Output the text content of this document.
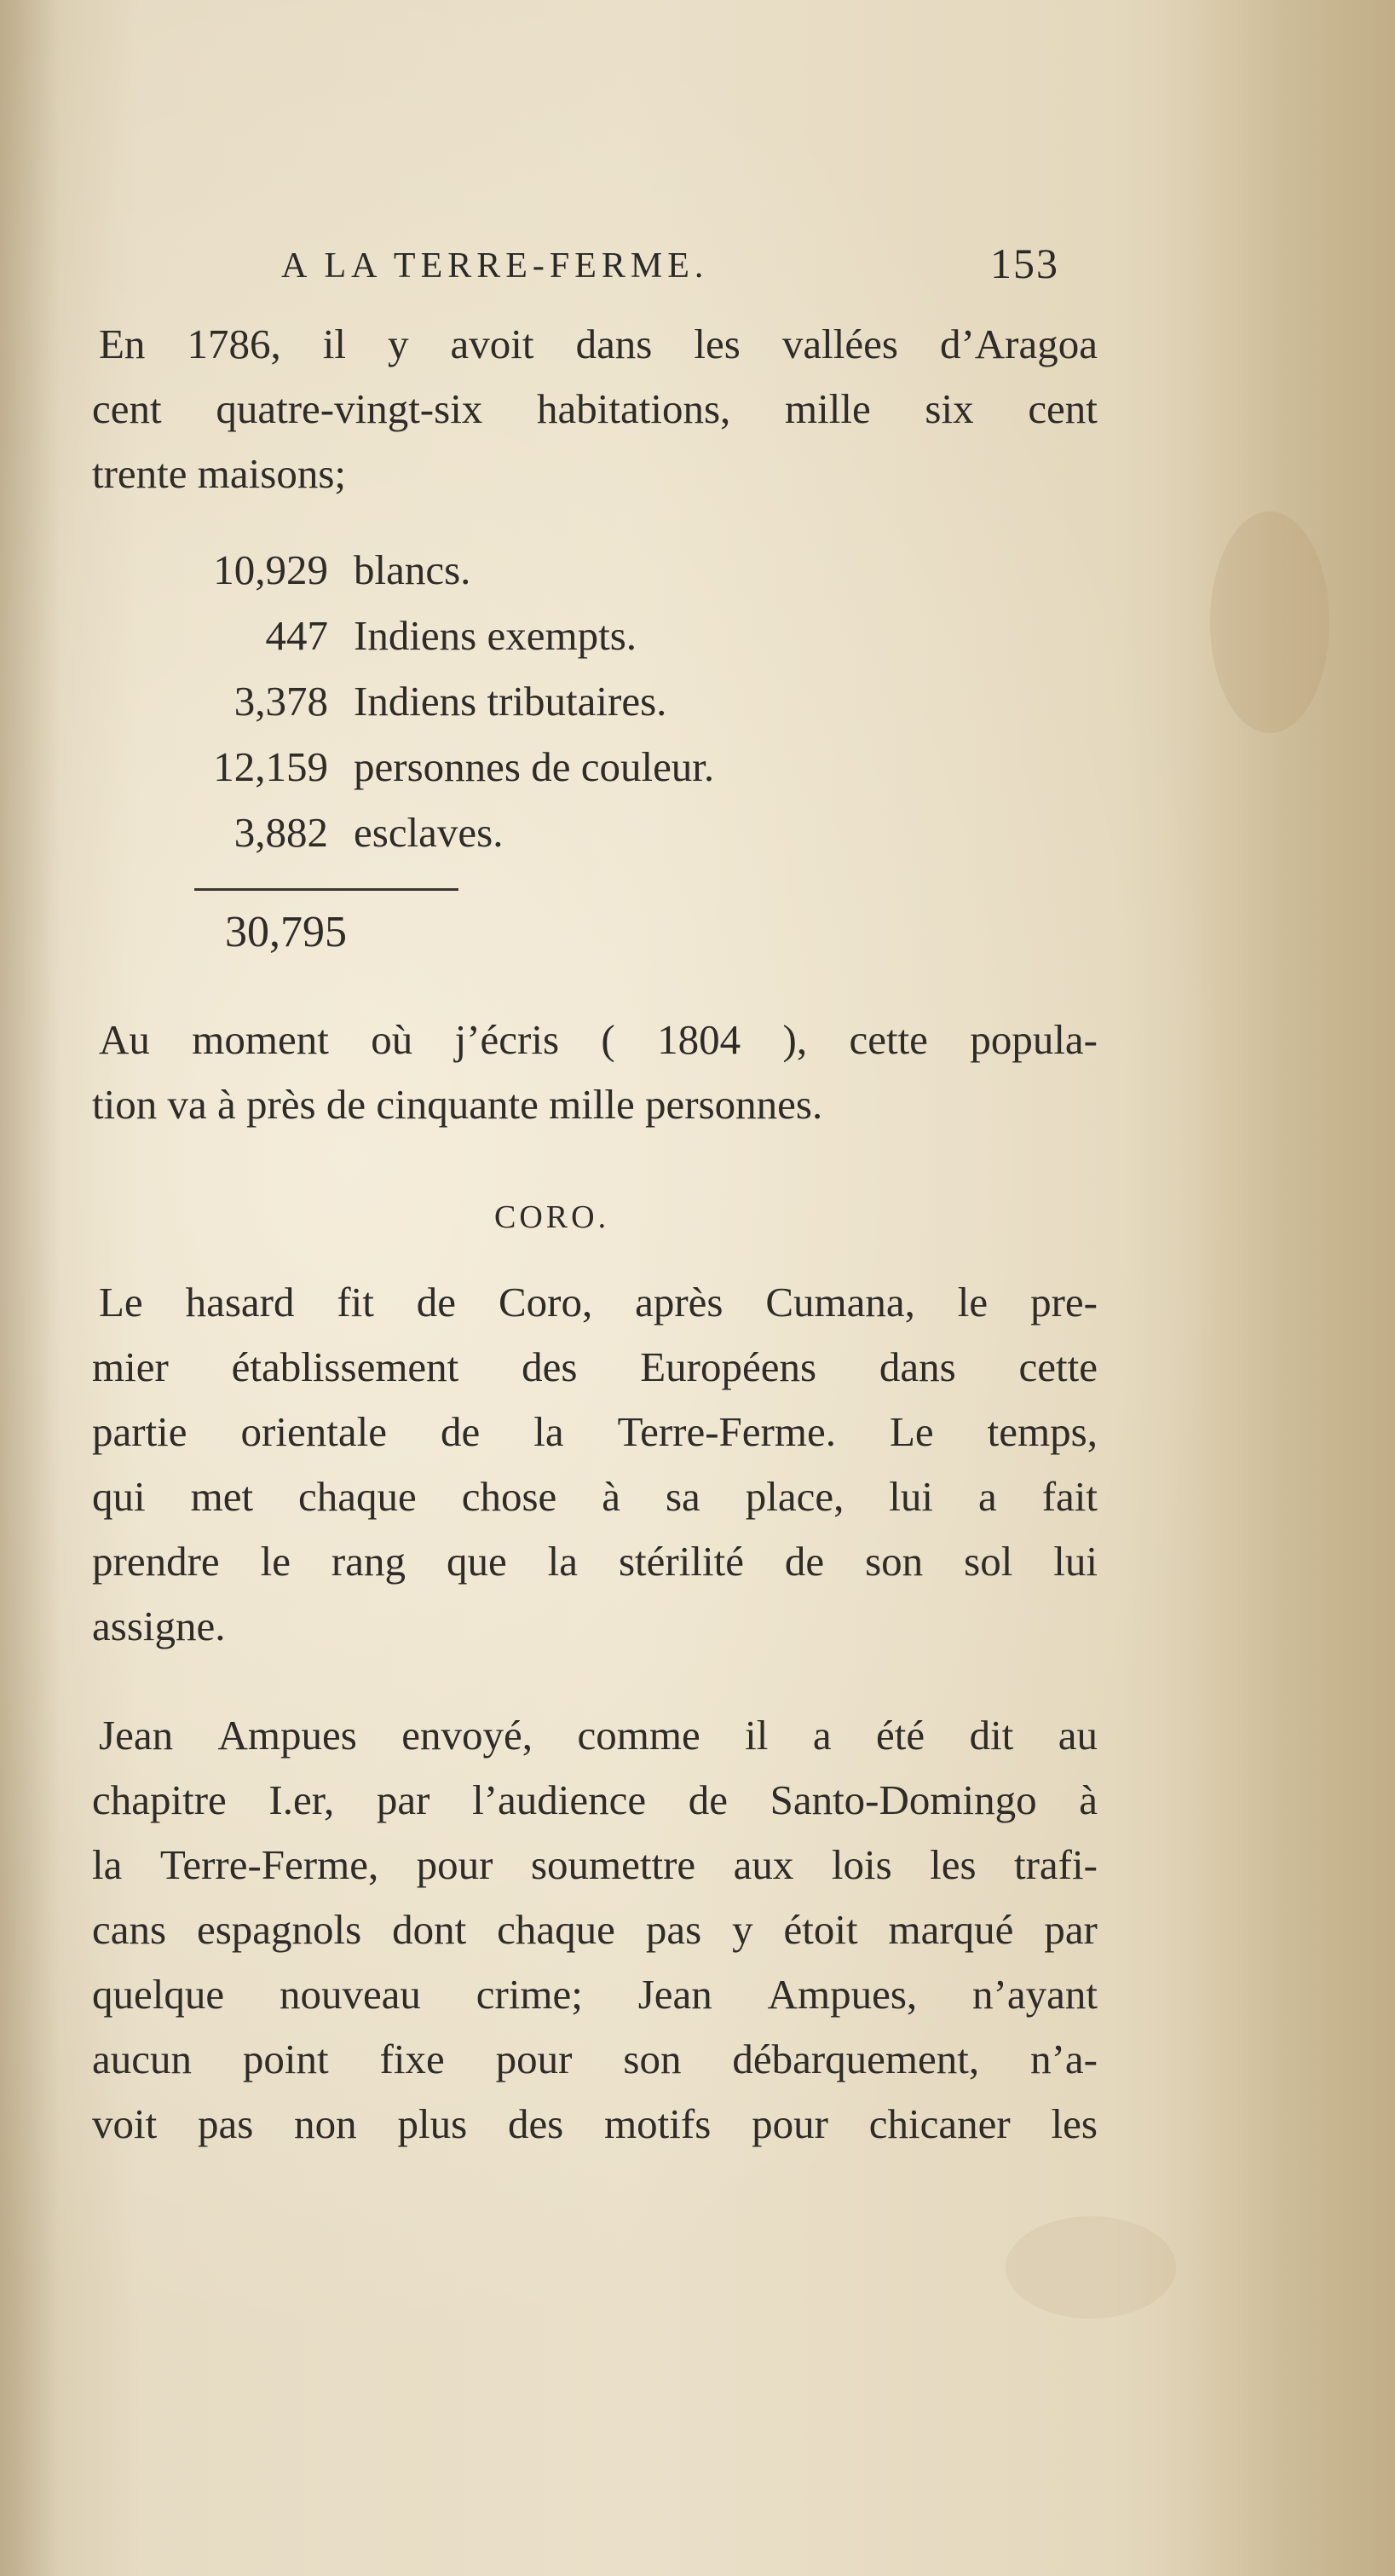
A LA TERRE-FERME.	153
En 1786, il y avoit dans les vallées d’Aragoa
cent quatre-vingt-six habitations, mille six cent
trente maisons;
10,929 blancs.
447 Indiens exempts.
3,378 Indiens tributaires.
12,159 personnes de couleur.
3,882 esclaves.
30,795
Au moment où j’écris ( 1804 ), cette popula-
tion va à près de cinquante mille personnes.
CORO.
Le hasard fit de Coro, après Cumana, le pre-
mier établissement des Européens dans cette
partie orientale de la Terre-Ferme. Le temps,
qui met chaque chose à sa place, lui a fait
prendre le rang que la stérilité de son sol lui
assigne.
Jean Ampues envoyé, comme il a été dit au
chapitre I.er, par l’audience de Santo-Domingo à
la Terre-Ferme, pour soumettre aux lois les trafi-
cans espagnols dont chaque pas y étoit marqué par
quelque nouveau crime; Jean Ampues, n’ayant
aucun point fixe pour son débarquement, n’a-
voit pas non plus des motifs pour chicaner les
